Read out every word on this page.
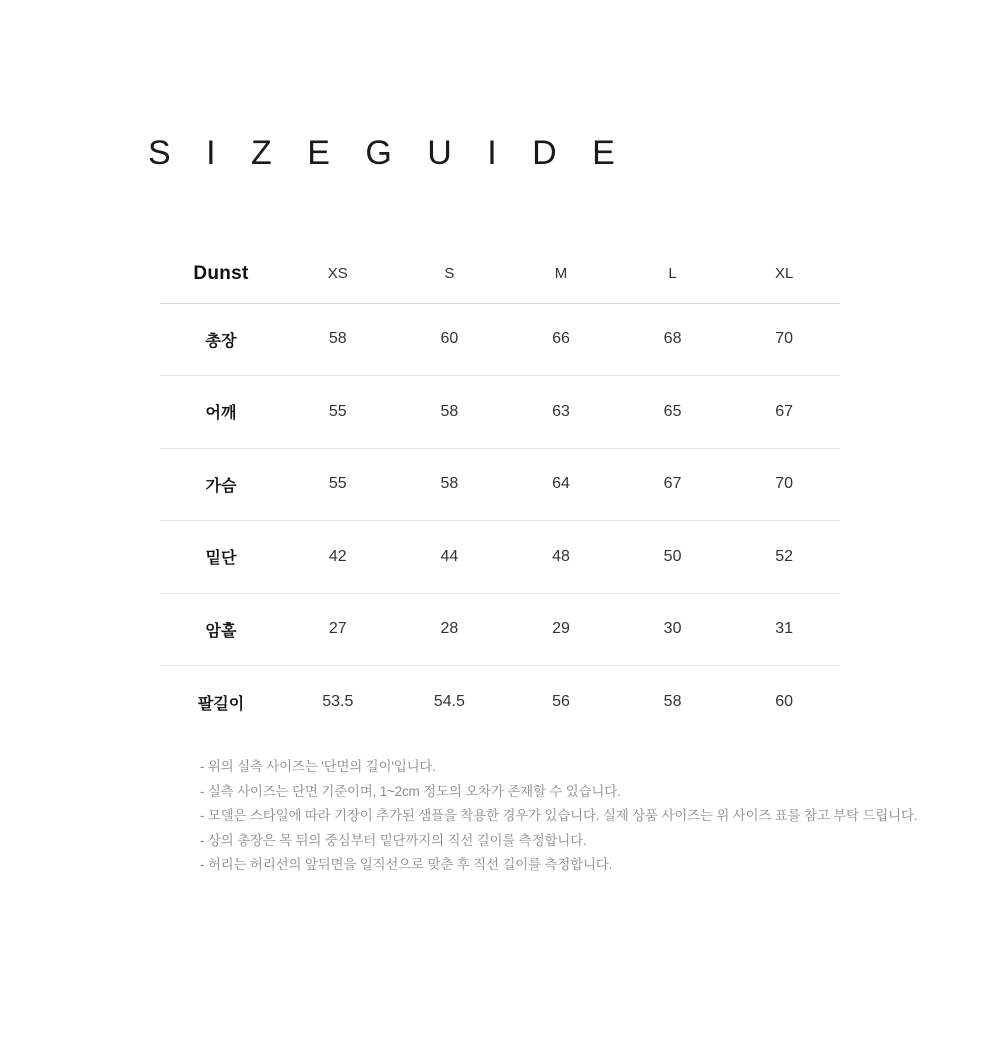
S I Z E G U I D E
Dunst	XS	S	M	L	XL
총장	58	60	66	68	70
어깨	55	58	63	65	67
가슴	55	58	64	67	70
밑단	42	44	48	50	52
암홀	27	28	29	30	31
팔길이	53.5	54.5	56	58	60
- 위의 실측 사이즈는 '단면의 길이'입니다.
- 실측 사이즈는 단면 기준이며, 1~2cm 정도의 오차가 존재할 수 있습니다.
- 모델은 스타일에 따라 기장이 추가된 샘플을 착용한 경우가 있습니다. 실제 상품 사이즈는 위 사이즈 표를 참고 부탁 드립니다.
- 상의 총장은 목 뒤의 중심부터 밑단까지의 직선 길이를 측정합니다.
- 허리는 허리선의 앞뒤면을 일직선으로 맞춘 후 직선 길이를 측정합니다.
